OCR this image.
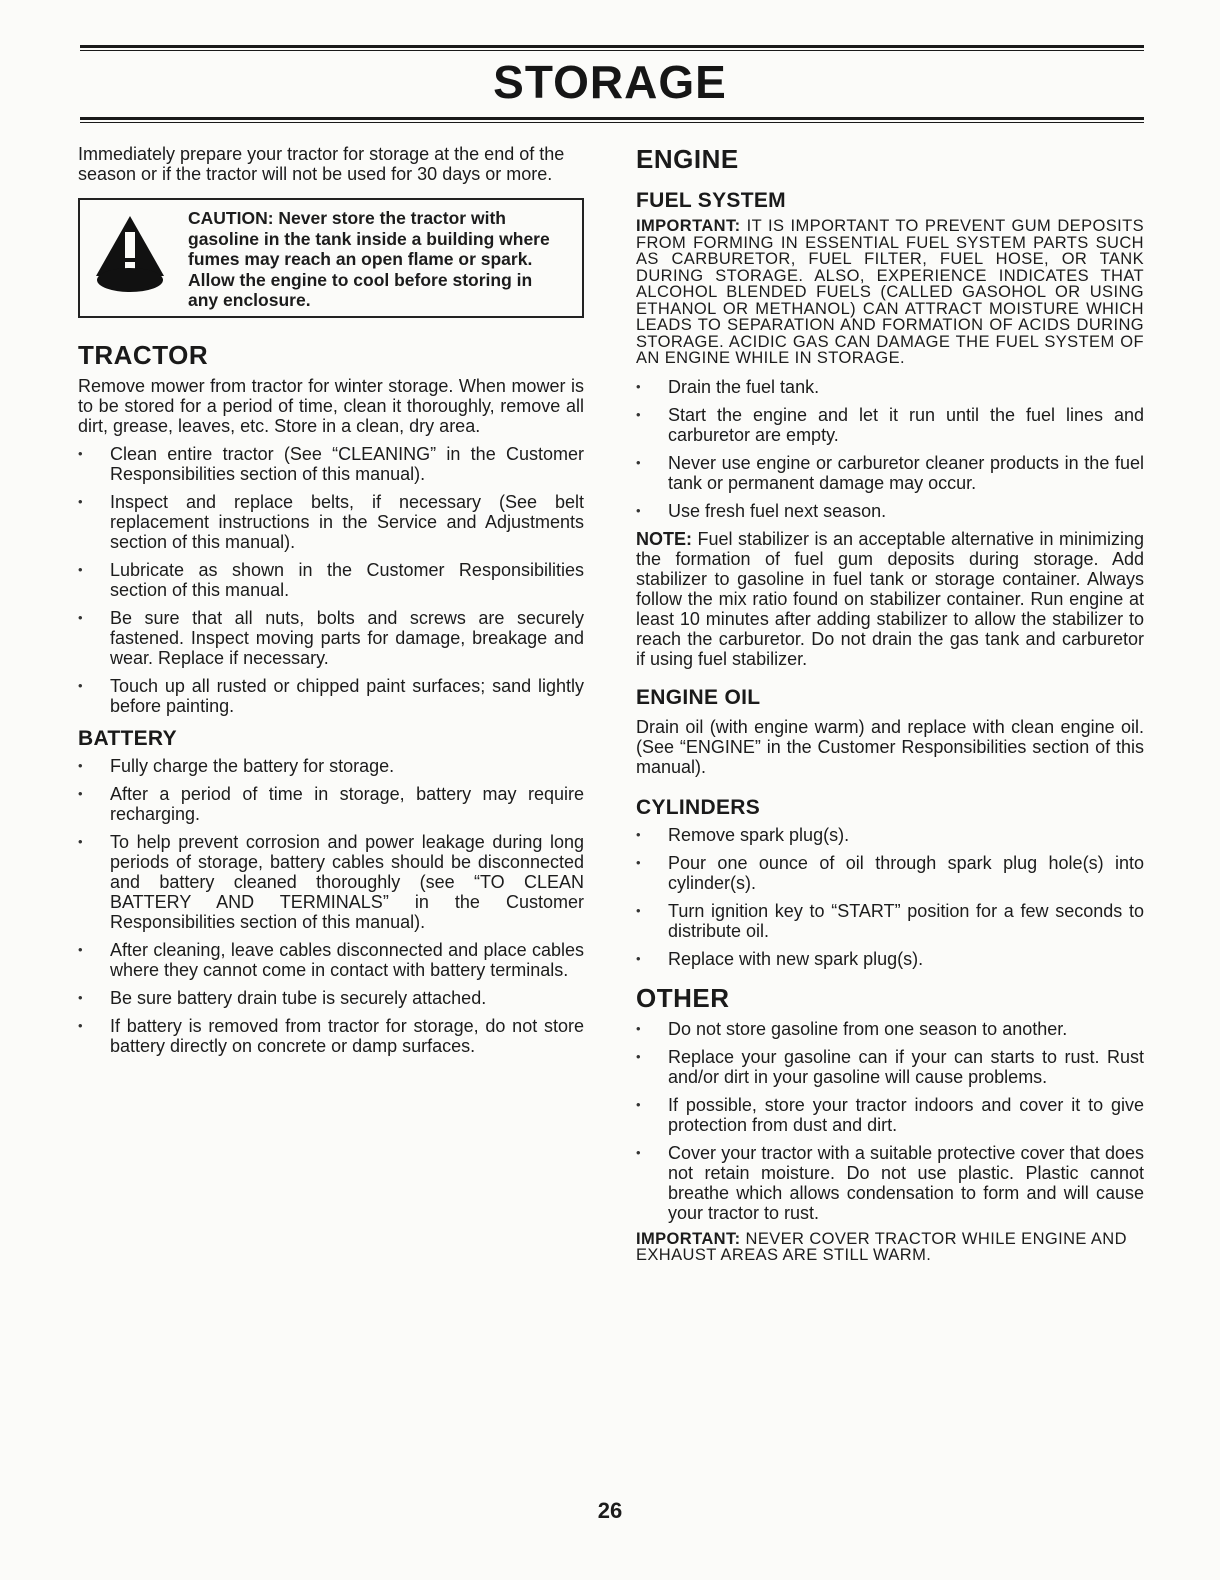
STORAGE

Immediately prepare your tractor for storage at the end of the season or if the tractor will not be used for 30 days or more.

CAUTION: Never store the tractor with gasoline in the tank inside a building where fumes may reach an open flame or spark. Allow the engine to cool before storing in any enclosure.
TRACTOR

Remove mower from tractor for winter storage. When mower is to be stored for a period of time, clean it thoroughly, remove all dirt, grease, leaves, etc. Store in a clean, dry area.

•	Clean entire tractor (See “CLEANING” in the Customer Responsibilities section of this manual).
•	Inspect and replace belts, if necessary (See belt replacement instructions in the Service and Adjustments section of this manual).
•	Lubricate as shown in the Customer Responsibilities section of this manual.
•	Be sure that all nuts, bolts and screws are securely fastened. Inspect moving parts for damage, breakage and wear. Replace if necessary.
•	Touch up all rusted or chipped paint surfaces; sand lightly before painting.
BATTERY
•	Fully charge the battery for storage.
•	After a period of time in storage, battery may require recharging.
•	To help prevent corrosion and power leakage during long periods of storage, battery cables should be disconnected and battery cleaned thoroughly (see “TO CLEAN BATTERY AND TERMINALS” in the Customer Responsibilities section of this manual).
•	After cleaning, leave cables disconnected and place cables where they cannot come in contact with battery terminals.
•	Be sure battery drain tube is securely attached.
•	If battery is removed from tractor for storage, do not store battery directly on concrete or damp surfaces.
ENGINE
FUEL SYSTEM

IMPORTANT: IT IS IMPORTANT TO PREVENT GUM DEPOSITS FROM FORMING IN ESSENTIAL FUEL SYSTEM PARTS SUCH AS CARBURETOR, FUEL FILTER, FUEL HOSE, OR TANK DURING STORAGE. ALSO, EXPERIENCE INDICATES THAT ALCOHOL BLENDED FUELS (CALLED GASOHOL OR USING ETHANOL OR METHANOL) CAN ATTRACT MOISTURE WHICH LEADS TO SEPARATION AND FORMATION OF ACIDS DURING STORAGE. ACIDIC GAS CAN DAMAGE THE FUEL SYSTEM OF AN ENGINE WHILE IN STORAGE.

•	Drain the fuel tank.
•	Start the engine and let it run until the fuel lines and carburetor are empty.
•	Never use engine or carburetor cleaner products in the fuel tank or permanent damage may occur.
•	Use fresh fuel next season.

NOTE: Fuel stabilizer is an acceptable alternative in minimizing the formation of fuel gum deposits during storage. Add stabilizer to gasoline in fuel tank or storage container. Always follow the mix ratio found on stabilizer container. Run engine at least 10 minutes after adding stabilizer to allow the stabilizer to reach the carburetor. Do not drain the gas tank and carburetor if using fuel stabilizer.

ENGINE OIL

Drain oil (with engine warm) and replace with clean engine oil. (See “ENGINE” in the Customer Responsibilities section of this manual).

CYLINDERS
•	Remove spark plug(s).
•	Pour one ounce of oil through spark plug hole(s) into cylinder(s).
•	Turn ignition key to “START” position for a few seconds to distribute oil.
•	Replace with new spark plug(s).
OTHER
•	Do not store gasoline from one season to another.
•	Replace your gasoline can if your can starts to rust. Rust and/or dirt in your gasoline will cause problems.
•	If possible, store your tractor indoors and cover it to give protection from dust and dirt.
•	Cover your tractor with a suitable protective cover that does not retain moisture. Do not use plastic. Plastic cannot breathe which allows condensation to form and will cause your tractor to rust.

IMPORTANT: NEVER COVER TRACTOR WHILE ENGINE AND EXHAUST AREAS ARE STILL WARM.

26
